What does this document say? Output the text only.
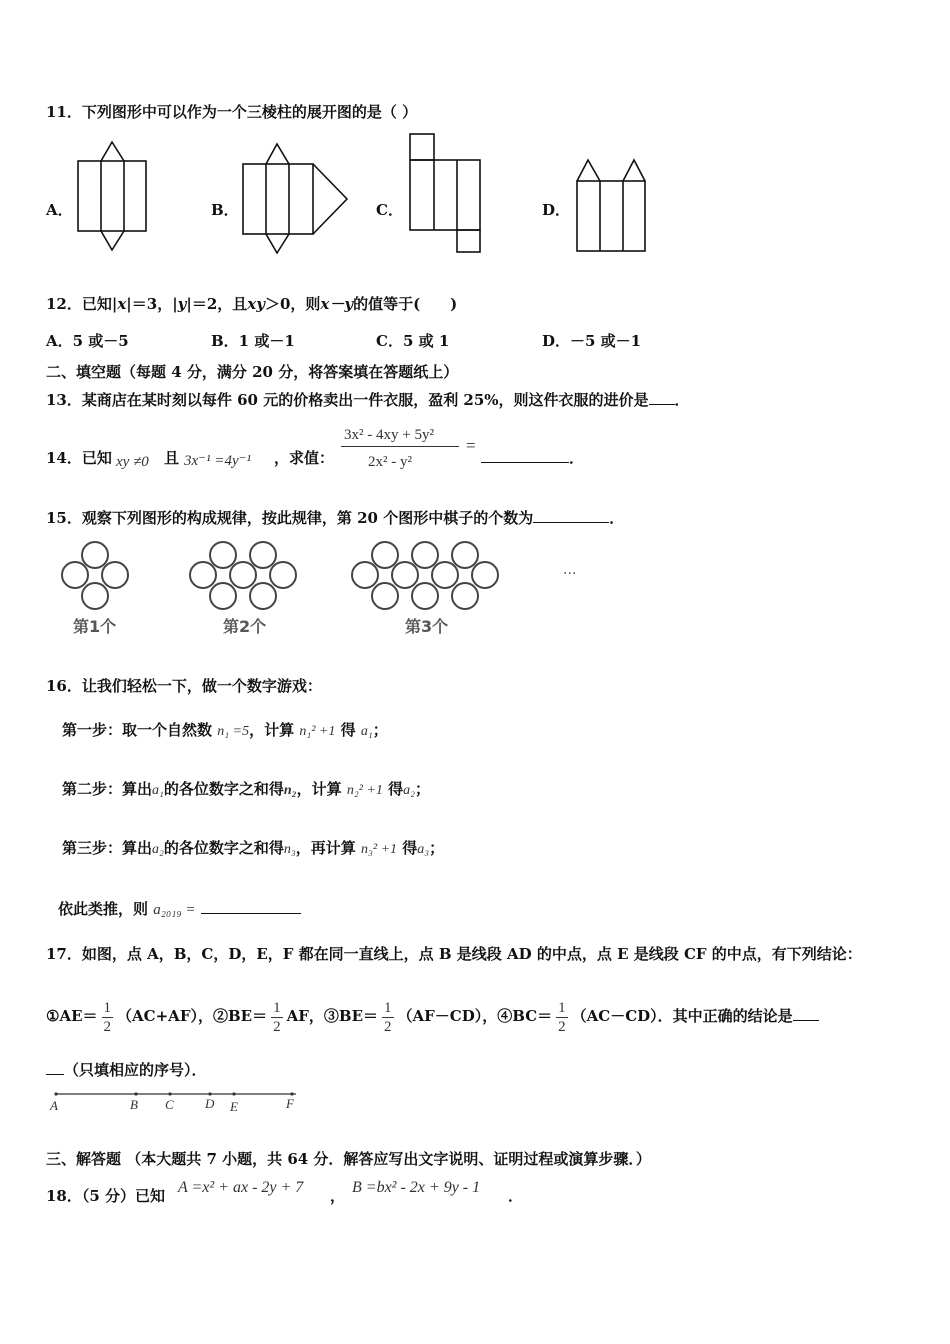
11．下列图形中可以作为一个三棱柱的展开图的是（ ）
A．	B．	C．	D．
12．已知|x|＝3，|y|＝2，且xy＞0，则x－y的值等于(　　)
A．5 或－5	B．1 或－1	C．5 或 1	D．－5 或－1
二、填空题（每题 4 分，满分 20 分，将答案填在答题纸上）
13．某商店在某时刻以每件 60 元的价格卖出一件衣服，盈利 25%，则这件衣服的进价是 ．
14．已知 xy ≠0 且 3x⁻¹ =4y⁻¹ ，求值：
3x² - 4xy + 5y²
2x² - y²
=
．
15．观察下列图形的构成规律，按此规律，第 20 个图形中棋子的个数为	．
第1个	第2个	第3个
···
16．让我们轻松一下，做一个数字游戏：
第一步：取一个自然数 n₁ =5，计算 n₁² +1 得 a₁；
第二步：算出a₁的各位数字之和得n₂，计算 n₂² +1 得a₂；
第三步：算出a₂的各位数字之和得n₃，再计算 n₃² +1 得a₃；
依此类推，则 a₂₀₁₉ =
17．如图，点 A，B，C，D，E，F 都在同一直线上，点 B 是线段 AD 的中点，点 E 是线段 CF 的中点，有下列结论：
①AE＝ $\frac{1}{2} (AC+AF)$，②BE＝ $\frac{1}{2}$ AF，③BE＝ $\frac{1}{2} (AF-CD)$，④BC＝ $\frac{1}{2} (AC-CD)$．其中正确的结论是
（只填相应的序号）．
A	B C D E	F
三、解答题 （本大题共 7 小题，共 64 分．解答应写出文字说明、证明过程或演算步骤．）
18．（5 分）已知 A =x² + ax - 2y + 7 ， B =bx² - 2x + 9y - 1 ．
